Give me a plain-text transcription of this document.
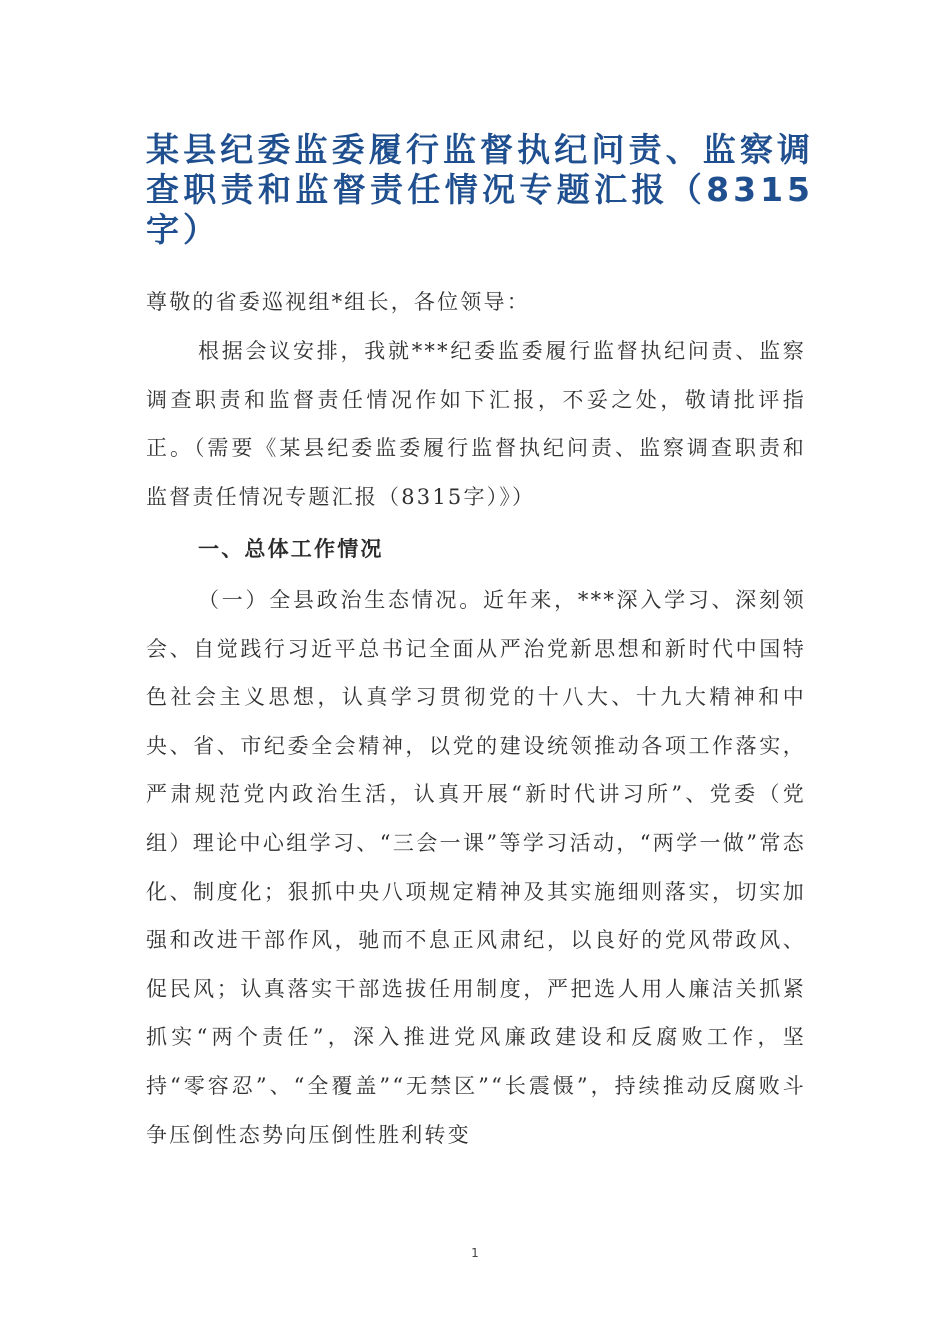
某县纪委监委履行监督执纪问责、监察调查职责和监督责任情况专题汇报（8315字）

尊敬的省委巡视组*组长，各位领导：

根据会议安排，我就***纪委监委履行监督执纪问责、监察调查职责和监督责任情况作如下汇报，不妥之处，敬请批评指正。（需要《某县纪委监委履行监督执纪问责、监察调查职责和监督责任情况专题汇报（8315字）》）

一、总体工作情况

（一）全县政治生态情况。近年来，***深入学习、深刻领会、自觉践行习近平总书记全面从严治党新思想和新时代中国特色社会主义思想，认真学习贯彻党的十八大、十九大精神和中央、省、市纪委全会精神，以党的建设统领推动各项工作落实，严肃规范党内政治生活，认真开展“新时代讲习所”、党委（党组）理论中心组学习、“三会一课”等学习活动，“两学一做”常态化、制度化；狠抓中央八项规定精神及其实施细则落实，切实加强和改进干部作风，驰而不息正风肃纪，以良好的党风带政风、促民风；认真落实干部选拔任用制度，严把选人用人廉洁关抓紧抓实“两个责任”，深入推进党风廉政建设和反腐败工作，坚持“零容忍”、“全覆盖”“无禁区”“长震慑”，持续推动反腐败斗争压倒性态势向压倒性胜利转变

1
